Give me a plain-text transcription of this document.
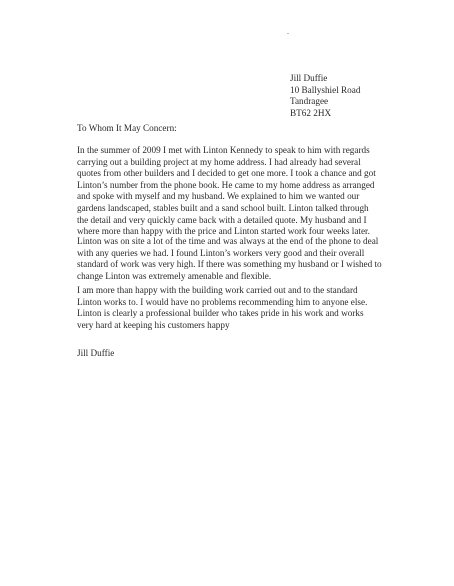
Jill Duffie
10 Ballyshiel Road
Tandragee
BT62 2HX
To Whom It May Concern:
In the summer of 2009 I met with Linton Kennedy to speak to him with regards carrying out a building project at my home address. I had already had several quotes from other builders and I decided to get one more. I took a chance and got Linton’s number from the phone book. He came to my home address as arranged and spoke with myself and my husband. We explained to him we wanted our gardens landscaped, stables built and a sand school built. Linton talked through the detail and very quickly came back with a detailed quote. My husband and I where more than happy with the price and Linton started work four weeks later.
Linton was on site a lot of the time and was always at the end of the phone to deal with any queries we had. I found Linton’s workers very good and their overall standard of work was very high. If there was something my husband or I wished to change Linton was extremely amenable and flexible.
I am more than happy with the building work carried out and to the standard Linton works to. I would have no problems recommending him to anyone else. Linton is clearly a professional builder who takes pride in his work and works very hard at keeping his customers happy
Jill Duffie
